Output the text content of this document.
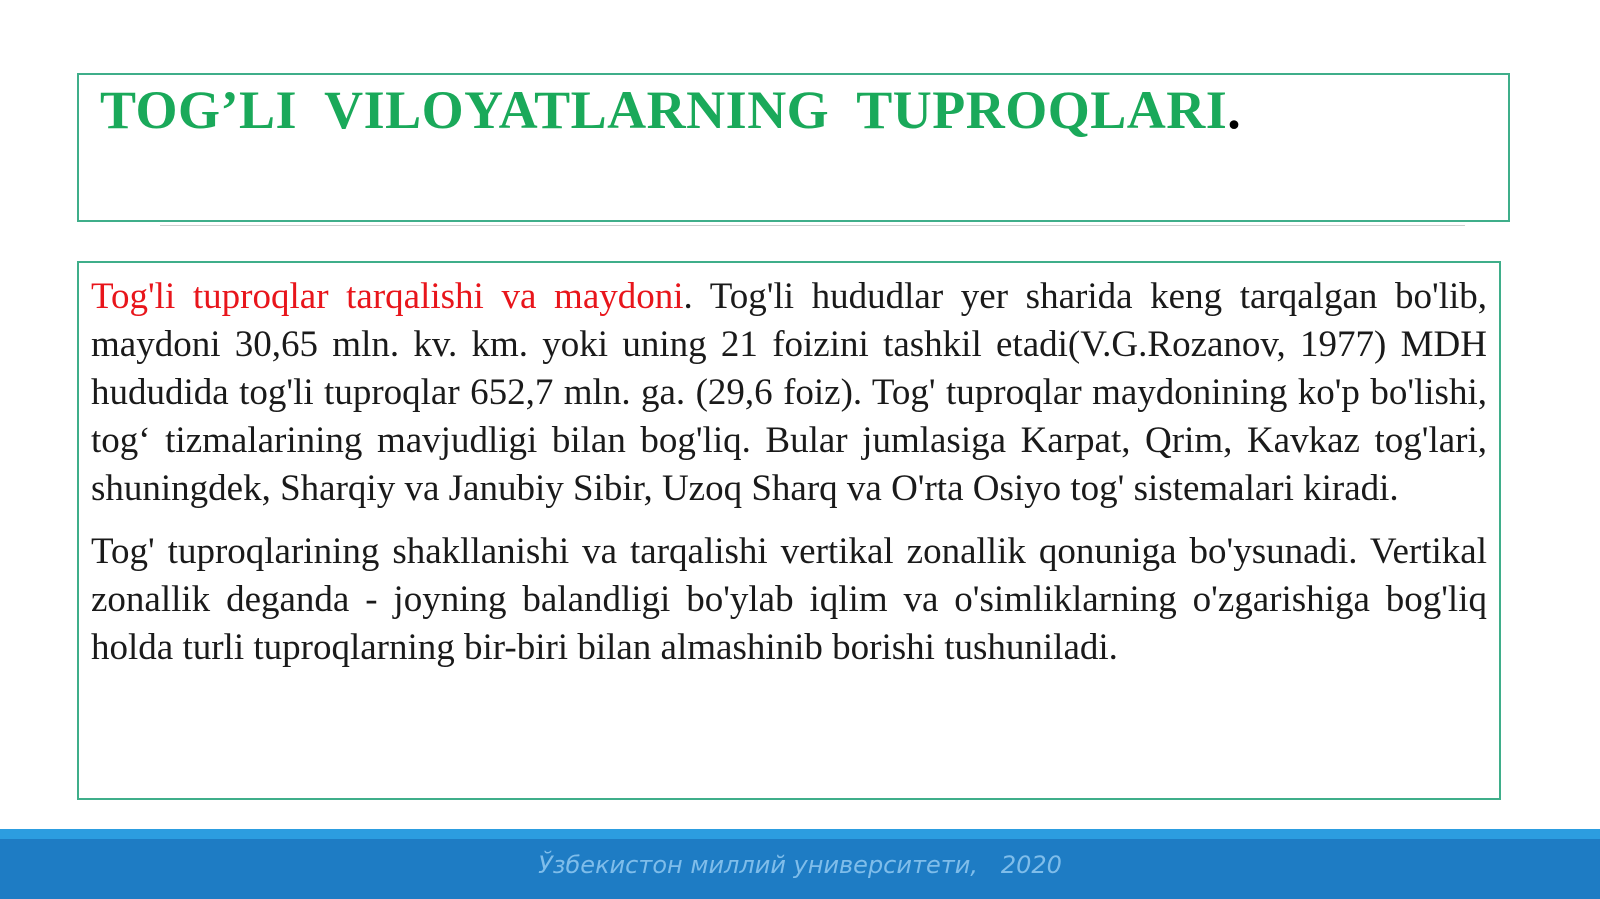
TOG’LI VILOYATLARNING TUPROQLARI.

Tog'li tuproqlar tarqalishi va maydoni. Tog'li hududlar yer sharida keng tarqalgan bo'lib, maydoni 30,65 mln. kv. km. yoki uning 21 foizini tashkil etadi(V.G.Rozanov, 1977) MDH hududida tog'li tuproqlar 652,7 mln. ga. (29,6 foiz). Tog' tuproqlar maydonining ko'p bo'lishi, tog‘ tizmalarining mavjudligi bilan bog'liq. Bular jumlasiga Karpat, Qrim, Kavkaz tog'lari, shuningdek, Sharqiy va Janubiy Sibir, Uzoq Sharq va O'rta Osiyo tog' sistemalari kiradi.

Tog' tuproqlarining shakllanishi va tarqalishi vertikal zonallik qonuniga bo'ysunadi. Vertikal zonallik deganda - joyning balandligi bo'ylab iqlim va o'simliklarning o'zgarishiga bog'liq holda turli tuproqlarning bir-biri bilan almashinib borishi tushuniladi.

Ўзбекистон миллий университети,   2020
